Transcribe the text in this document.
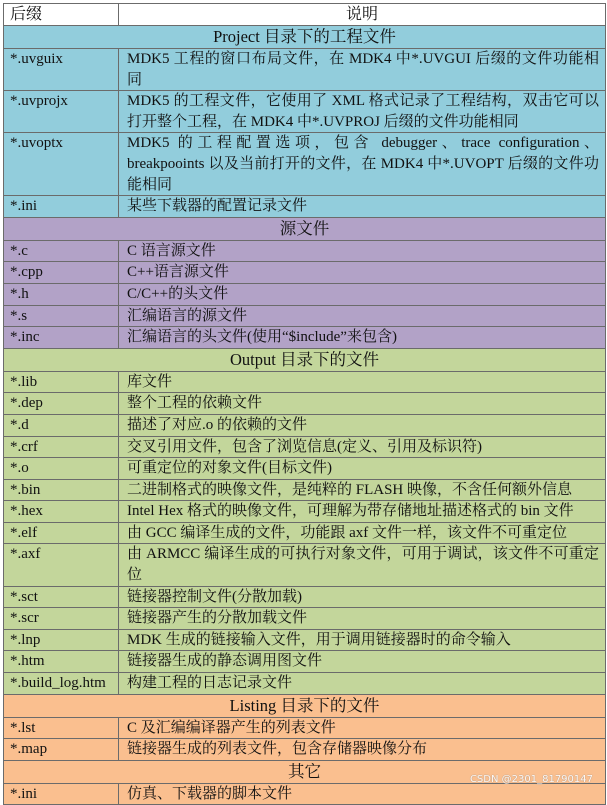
后缀	说明
Project 目录下的工程文件	
*.uvguix	MDK5 工程的窗口布局文件，在 MDK4 中*.UVGUI 后缀的文件功能相同
*.uvprojx	MDK5 的工程文件，它使用了 XML 格式记录了工程结构，双击它可以打开整个工程，在 MDK4 中*.UVPROJ 后缀的文件功能相同
*.uvoptx	MDK5 的工程配置选项，包含 debugger、trace configuration、breakpooints 以及当前打开的文件，在 MDK4 中*.UVOPT 后缀的文件功能相同
*.ini	某些下载器的配置记录文件
源文件	
*.c	C 语言源文件
*.cpp	C++语言源文件
*.h	C/C++的头文件
*.s	汇编语言的源文件
*.inc	汇编语言的头文件(使用“$include”来包含)
Output 目录下的文件	
*.lib	库文件
*.dep	整个工程的依赖文件
*.d	描述了对应.o 的依赖的文件
*.crf	交叉引用文件，包含了浏览信息(定义、引用及标识符)
*.o	可重定位的对象文件(目标文件)
*.bin	二进制格式的映像文件，是纯粹的 FLASH 映像，不含任何额外信息
*.hex	Intel Hex 格式的映像文件，可理解为带存储地址描述格式的 bin 文件
*.elf	由 GCC 编译生成的文件，功能跟 axf 文件一样，该文件不可重定位
*.axf	由 ARMCC 编译生成的可执行对象文件，可用于调试，该文件不可重定位
*.sct	链接器控制文件(分散加载)
*.scr	链接器产生的分散加载文件
*.lnp	MDK 生成的链接输入文件，用于调用链接器时的命令输入
*.htm	链接器生成的静态调用图文件
*.build_log.htm	构建工程的日志记录文件
Listing 目录下的文件	
*.lst	C 及汇编编译器产生的列表文件
*.map	链接器生成的列表文件，包含存储器映像分布
其它	
*.ini	仿真、下载器的脚本文件
CSDN @2301_81790147
